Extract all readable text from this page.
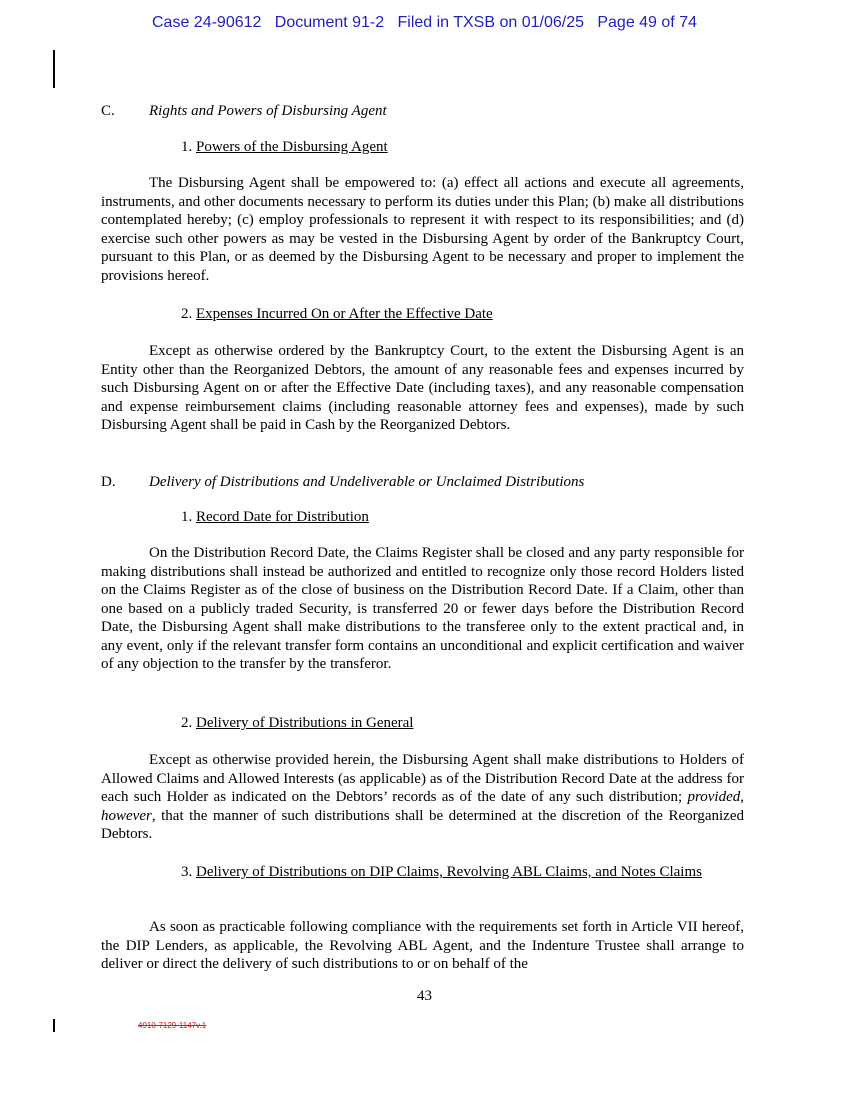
Case 24-90612 Document 91-2 Filed in TXSB on 01/06/25 Page 49 of 74
C. Rights and Powers of Disbursing Agent
1. Powers of the Disbursing Agent

The Disbursing Agent shall be empowered to: (a) effect all actions and execute all agreements, instruments, and other documents necessary to perform its duties under this Plan; (b) make all distributions contemplated hereby; (c) employ professionals to represent it with respect to its responsibilities; and (d) exercise such other powers as may be vested in the Disbursing Agent by order of the Bankruptcy Court, pursuant to this Plan, or as deemed by the Disbursing Agent to be necessary and proper to implement the provisions hereof.

2. Expenses Incurred On or After the Effective Date

Except as otherwise ordered by the Bankruptcy Court, to the extent the Disbursing Agent is an Entity other than the Reorganized Debtors, the amount of any reasonable fees and expenses incurred by such Disbursing Agent on or after the Effective Date (including taxes), and any reasonable compensation and expense reimbursement claims (including reasonable attorney fees and expenses), made by such Disbursing Agent shall be paid in Cash by the Reorganized Debtors.

D. Delivery of Distributions and Undeliverable or Unclaimed Distributions
1. Record Date for Distribution

On the Distribution Record Date, the Claims Register shall be closed and any party responsible for making distributions shall instead be authorized and entitled to recognize only those record Holders listed on the Claims Register as of the close of business on the Distribution Record Date. If a Claim, other than one based on a publicly traded Security, is transferred 20 or fewer days before the Distribution Record Date, the Disbursing Agent shall make distributions to the transferee only to the extent practical and, in any event, only if the relevant transfer form contains an unconditional and explicit certification and waiver of any objection to the transfer by the transferor.

2. Delivery of Distributions in General

Except as otherwise provided herein, the Disbursing Agent shall make distributions to Holders of Allowed Claims and Allowed Interests (as applicable) as of the Distribution Record Date at the address for each such Holder as indicated on the Debtors’ records as of the date of any such distribution; provided, however, that the manner of such distributions shall be determined at the discretion of the Reorganized Debtors.

3. Delivery of Distributions on DIP Claims, Revolving ABL Claims, and Notes Claims

As soon as practicable following compliance with the requirements set forth in Article VII hereof, the DIP Lenders, as applicable, the Revolving ABL Agent, and the Indenture Trustee shall arrange to deliver or direct the delivery of such distributions to or on behalf of the

43
4910-7129-1147v.1
